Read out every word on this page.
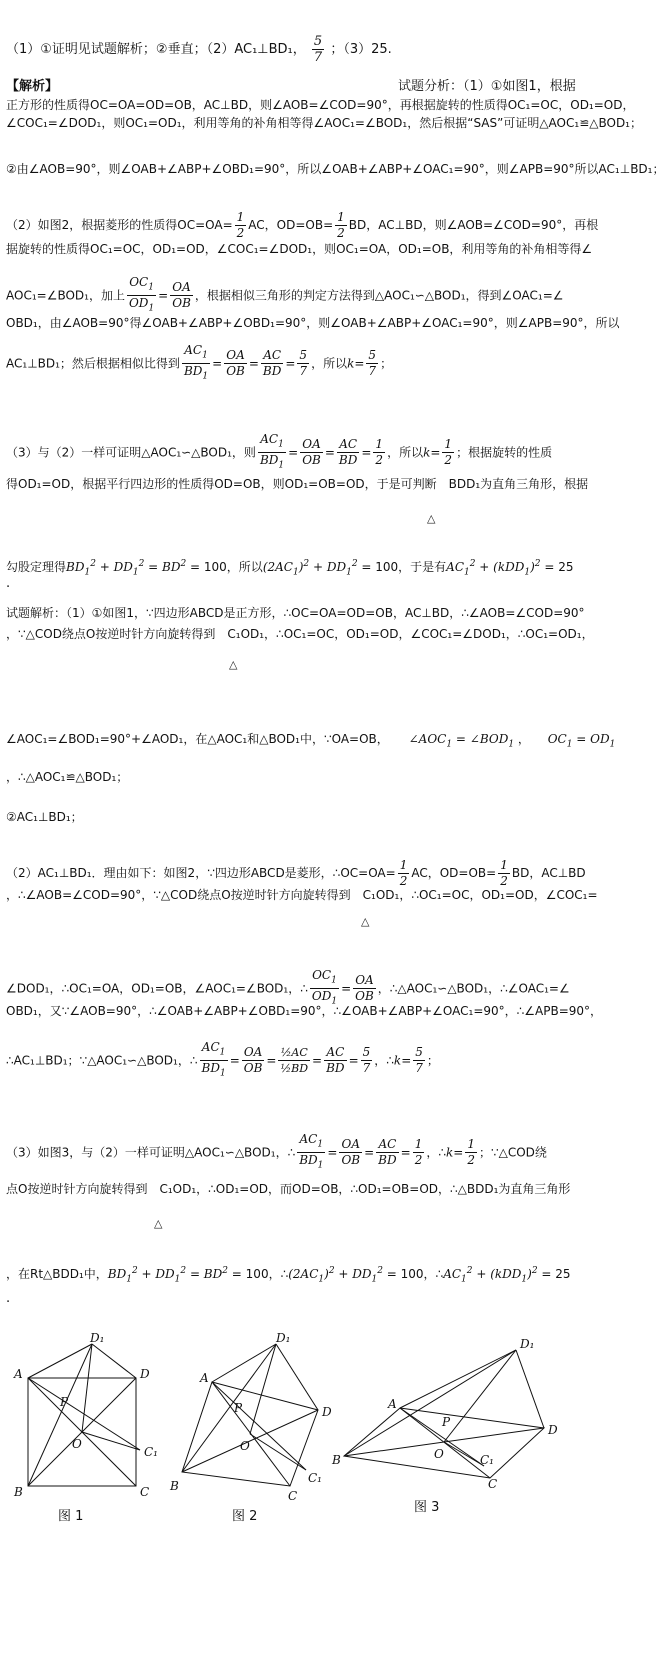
（1）①证明见试题解析；②垂直；（2）AC₁⊥BD₁， $\frac{5}{7}$ ；（3）25.
【解析】	试题分析：（1）①如图1，根据
正方形的性质得OC=OA=OD=OB，AC⊥BD，则∠AOB=∠COD=90°，再根据旋转的性质得OC₁=OC，OD₁=OD，
∠COC₁=∠DOD₁，则OC₁=OD₁，利用等角的补角相等得∠AOC₁=∠BOD₁，然后根据“SAS”可证明△AOC₁≌△BOD₁；
②由∠AOB=90°，则∠OAB+∠ABP+∠OBD₁=90°，所以∠OAB+∠ABP+∠OAC₁=90°，则∠APB=90°所以AC₁⊥BD₁；
（2）如图2，根据菱形的性质得$OC=OA= \frac{1}{2}$ AC，$OD=OB= \frac{1}{2}$ BD，AC⊥BD，则∠AOB=∠COD=90°，再根
据旋转的性质得OC₁=OC，OD₁=OD，∠COC₁=∠DOD₁，则OC₁=OA，OD₁=OB，利用等角的补角相等得∠
AOC₁=∠BOD₁，加上 $\frac{OC_1}{OD_1} = \frac{OA}{OB}$ ，根据相似三角形的判定方法得到△AOC₁∽△BOD₁，得到∠OAC₁=∠
OBD₁，由∠AOB=90°得∠OAB+∠ABP+∠OBD₁=90°，则∠OAB+∠ABP+∠OAC₁=90°，则∠APB=90°，所以
AC₁⊥BD₁；然后根据相似比得到 $\frac{AC_1}{BD_1} = \frac{OA}{OB} = \frac{AC}{BD} = \frac{5}{7}$ ，所以$k= \frac{5}{7}$ ；
（3）与（2）一样可证明△AOC₁∽△BOD₁，则 $\frac{AC_1}{BD_1} = \frac{OA}{OB} = \frac{AC}{BD} = \frac{1}{2}$ ，所以$k= \frac{1}{2}$ ；根据旋转的性质
得OD₁=OD，根据平行四边形的性质得OD=OB，则OD₁=OB=OD，于是可判断　BDD₁为直角三角形，根据
△
勾股定理得$BD_1^2 + DD_1^2 = BD^2 = 100$，所以$(2AC_1)^2 + DD_1^2 = 100$，于是有$AC_1^2 + (kDD_1)^2 = 25$
.
试题解析：（1）①如图1，∵四边形ABCD是正方形，∴OC=OA=OD=OB，AC⊥BD，∴∠AOB=∠COD=90°
，∵△COD绕点O按逆时针方向旋转得到　C₁OD₁，∴OC₁=OC，OD₁=OD，∠COC₁=∠DOD₁，∴OC₁=OD₁，
△
∠AOC₁=∠BOD₁=90°+∠AOD₁，在△AOC₁和△BOD₁中，∵OA=OB， $\angle AOC_1$ = $\angle BOD_1$ ， $OC_1 = OD_1$
，∴△AOC₁≌△BOD₁；
②AC₁⊥BD₁；
（2）AC₁⊥BD₁．理由如下：如图2，∵四边形ABCD是菱形，∴OC=OA= $\frac{1}{2}$ AC，$OD=OB= \frac{1}{2}$ BD，AC⊥BD
，∴∠AOB=∠COD=90°，∵△COD绕点O按逆时针方向旋转得到　C₁OD₁，∴OC₁=OC，OD₁=OD，∠COC₁=
△
∠DOD₁，∴OC₁=OA，OD₁=OB，∠AOC₁=∠BOD₁，∴ $\frac{OC_1}{OD_1} = \frac{OA}{OB}$ ，∴△AOC₁∽△BOD₁，∴∠OAC₁=∠
OBD₁，又∵∠AOB=90°，∴∠OAB+∠ABP+∠OBD₁=90°，∴∠OAB+∠ABP+∠OAC₁=90°，∴∠APB=90°，
∴AC₁⊥BD₁；∵△AOC₁∽△BOD₁，∴ $\frac{AC_1}{BD_1} = \frac{OA}{OB} = \frac{\text{½AC}}{\text{½BD}} = \frac{AC}{BD} = \frac{5}{7}$ ，∴k= $\frac{5}{7}$ ；
（3）如图3，与（2）一样可证明△AOC₁∽△BOD₁，∴ $\frac{AC_1}{BD_1} = \frac{OA}{OB} = \frac{AC}{BD} = \frac{1}{2}$ ，∴k= $\frac{1}{2}$ ；∵△COD绕
点O按逆时针方向旋转得到　C₁OD₁，∴OD₁=OD，而OD=OB，∴OD₁=OB=OD，∴△BDD₁为直角三角形
△
，在Rt△BDD₁中，$BD_1^2 + DD_1^2 = BD^2 = 100$，$\therefore(2AC_1)^2 + DD_1^2 = 100$，$\therefore AC_1^2 + (kDD_1)^2 = 25$
.
A
B	C
D
O
P
C₁
D₁
图 1
A
B
C
D
O
P
C₁
D₁
图 2
A
B
C
D
O
P
C₁
D₁
图 3
